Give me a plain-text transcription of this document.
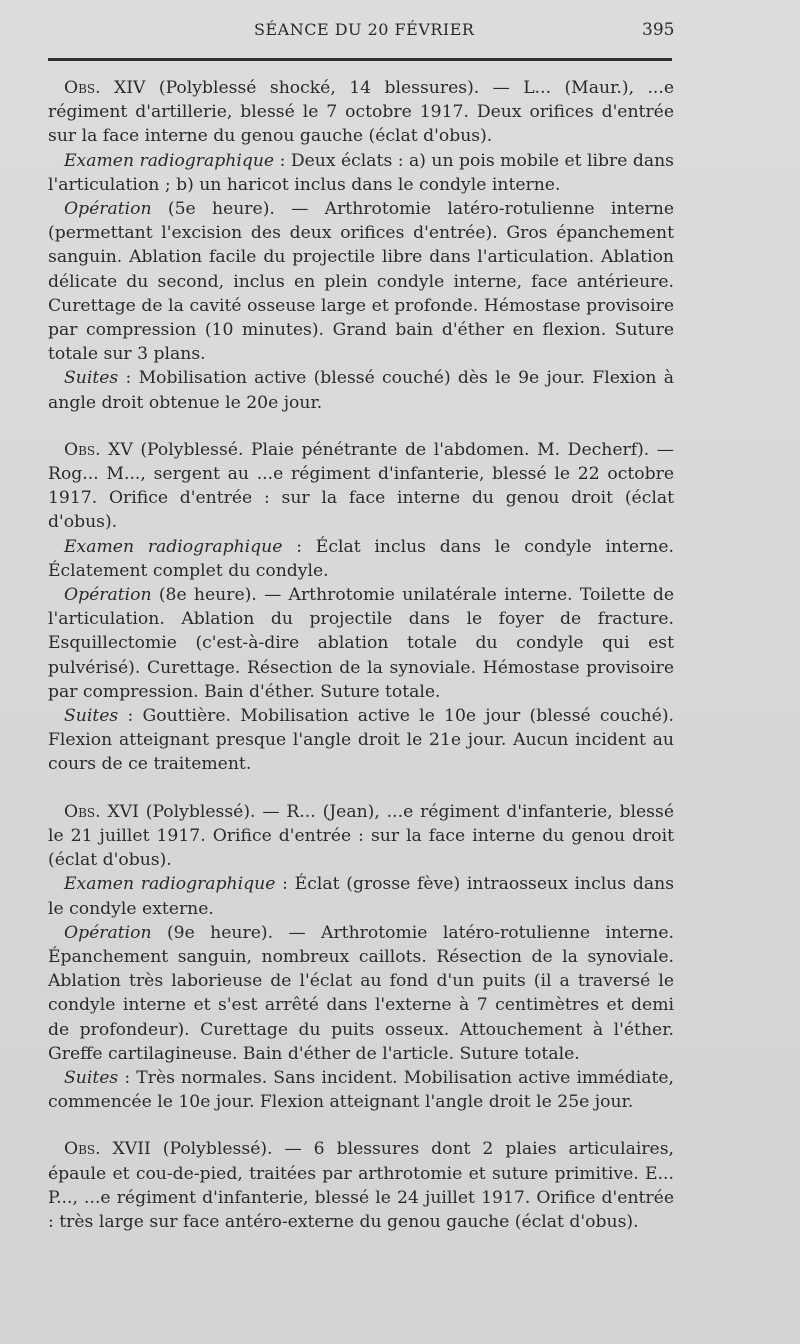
SÉANCE DU 20 FÉVRIER	395

Obs. XIV (Polyblessé shocké, 14 blessures). — L... (Maur.), ...e régiment d'artillerie, blessé le 7 octobre 1917. Deux orifices d'entrée sur la face interne du genou gauche (éclat d'obus).

Examen radiographique : Deux éclats : a) un pois mobile et libre dans l'articulation ; b) un haricot inclus dans le condyle interne.

Opération (5e heure). — Arthrotomie latéro-rotulienne interne (permettant l'excision des deux orifices d'entrée). Gros épanchement sanguin. Ablation facile du projectile libre dans l'articulation. Ablation délicate du second, inclus en plein condyle interne, face antérieure. Curettage de la cavité osseuse large et profonde. Hémostase provisoire par compression (10 minutes). Grand bain d'éther en flexion. Suture totale sur 3 plans.

Suites : Mobilisation active (blessé couché) dès le 9e jour. Flexion à angle droit obtenue le 20e jour.

Obs. XV (Polyblessé. Plaie pénétrante de l'abdomen. M. Decherf). — Rog... M..., sergent au ...e régiment d'infanterie, blessé le 22 octobre 1917. Orifice d'entrée : sur la face interne du genou droit (éclat d'obus).

Examen radiographique : Éclat inclus dans le condyle interne. Éclatement complet du condyle.

Opération (8e heure). — Arthrotomie unilatérale interne. Toilette de l'articulation. Ablation du projectile dans le foyer de fracture. Esquillectomie (c'est-à-dire ablation totale du condyle qui est pulvérisé). Curettage. Résection de la synoviale. Hémostase provisoire par compression. Bain d'éther. Suture totale.

Suites : Gouttière. Mobilisation active le 10e jour (blessé couché). Flexion atteignant presque l'angle droit le 21e jour. Aucun incident au cours de ce traitement.

Obs. XVI (Polyblessé). — R... (Jean), ...e régiment d'infanterie, blessé le 21 juillet 1917. Orifice d'entrée : sur la face interne du genou droit (éclat d'obus).

Examen radiographique : Éclat (grosse fève) intraosseux inclus dans le condyle externe.

Opération (9e heure). — Arthrotomie latéro-rotulienne interne. Épanchement sanguin, nombreux caillots. Résection de la synoviale. Ablation très laborieuse de l'éclat au fond d'un puits (il a traversé le condyle interne et s'est arrêté dans l'externe à 7 centimètres et demi de profondeur). Curettage du puits osseux. Attouchement à l'éther. Greffe cartilagineuse. Bain d'éther de l'article. Suture totale.

Suites : Très normales. Sans incident. Mobilisation active immédiate, commencée le 10e jour. Flexion atteignant l'angle droit le 25e jour.

Obs. XVII (Polyblessé). — 6 blessures dont 2 plaies articulaires, épaule et cou-de-pied, traitées par arthrotomie et suture primitive. E... P..., ...e régiment d'infanterie, blessé le 24 juillet 1917. Orifice d'entrée : très large sur face antéro-externe du genou gauche (éclat d'obus).
